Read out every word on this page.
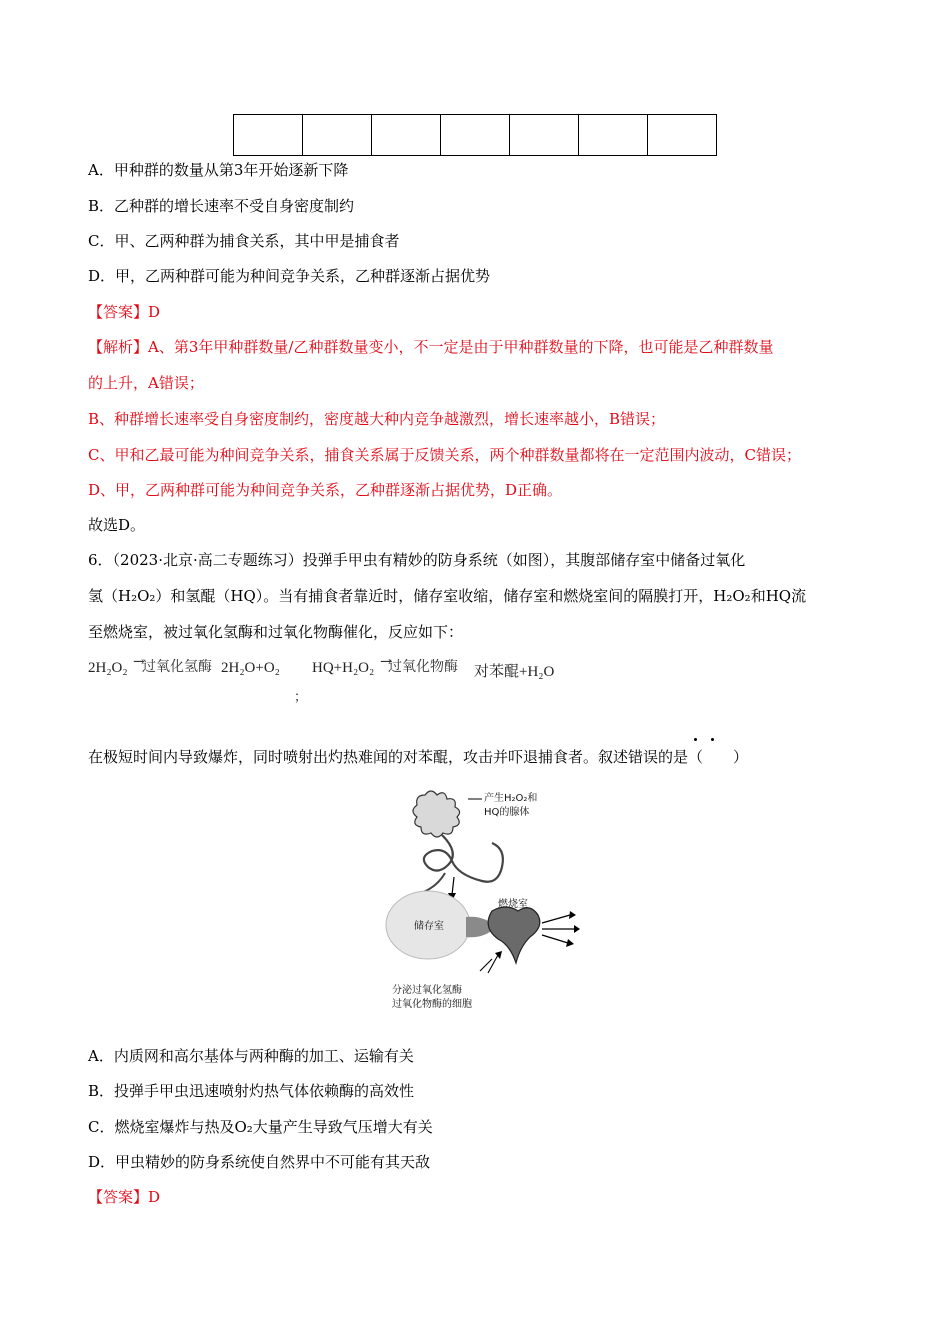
A．甲种群的数量从第3年开始逐新下降
B．乙种群的增长速率不受自身密度制约
C．甲、乙两种群为捕食关系，其中甲是捕食者
D．甲，乙两种群可能为种间竞争关系，乙种群逐渐占据优势
【答案】D
【解析】A、第3年甲种群数量/乙种群数量变小，不一定是由于甲种群数量的下降，也可能是乙种群数量
的上升，A错误；
B、种群增长速率受自身密度制约，密度越大种内竞争越激烈，增长速率越小，B错误；
C、甲和乙最可能为种间竞争关系，捕食关系属于反馈关系，两个种群数量都将在一定范围内波动，C错误；
D、甲，乙两种群可能为种间竞争关系，乙种群逐渐占据优势，D正确。
故选D。
6．（2023·北京·高二专题练习）投弹手甲虫有精妙的防身系统（如图），其腹部储存室中储备过氧化
氢（H₂O₂）和氢醌（HQ）。当有捕食者靠近时，储存室收缩，储存室和燃烧室间的隔膜打开，H₂O₂和HQ流
至燃烧室，被过氧化氢酶和过氧化物酶催化，反应如下：
2H₂O₂ →
过氧化氢酶 2H₂O+O₂
；
HQ+H₂O₂ →
过氧化物酶 对苯醌+H₂O
在极短时间内导致爆炸，同时喷射出灼热难闻的对苯醌，攻击并吓退捕食者。叙述错误的是（　　）
产生H₂O₂和
HQ的腺体
储存室
燃烧室
分泌过氧化氢酶
过氧化物酶的细胞
A．内质网和高尔基体与两种酶的加工、运输有关
B．投弹手甲虫迅速喷射灼热气体依赖酶的高效性
C．燃烧室爆炸与热及O₂大量产生导致气压增大有关
D．甲虫精妙的防身系统使自然界中不可能有其天敌
【答案】D
